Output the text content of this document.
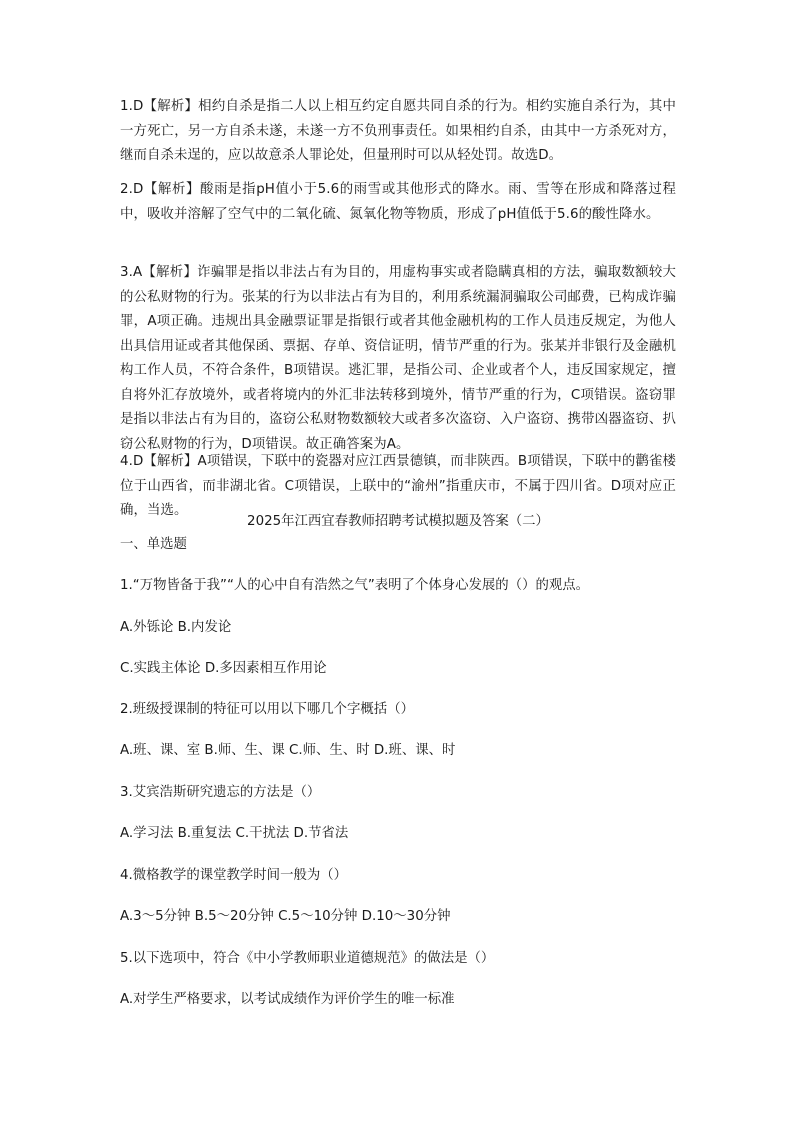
1.D【解析】相约自杀是指二人以上相互约定自愿共同自杀的行为。相约实施自杀行为，其中一方死亡，另一方自杀未遂，未遂一方不负刑事责任。如果相约自杀，由其中一方杀死对方，继而自杀未逞的，应以故意杀人罪论处，但量刑时可以从轻处罚。故选D。

2.D【解析】酸雨是指pH值小于5.6的雨雪或其他形式的降水。雨、雪等在形成和降落过程中，吸收并溶解了空气中的二氧化硫、氮氧化物等物质，形成了pH值低于5.6的酸性降水。

3.A【解析】诈骗罪是指以非法占有为目的，用虚构事实或者隐瞒真相的方法，骗取数额较大的公私财物的行为。张某的行为以非法占有为目的，利用系统漏洞骗取公司邮费，已构成诈骗罪，A项正确。违规出具金融票证罪是指银行或者其他金融机构的工作人员违反规定，为他人出具信用证或者其他保函、票据、存单、资信证明，情节严重的行为。张某并非银行及金融机构工作人员，不符合条件，B项错误。逃汇罪，是指公司、企业或者个人，违反国家规定，擅自将外汇存放境外，或者将境内的外汇非法转移到境外，情节严重的行为，C项错误。盗窃罪是指以非法占有为目的，盗窃公私财物数额较大或者多次盗窃、入户盗窃、携带凶器盗窃、扒窃公私财物的行为，D项错误。故正确答案为A。

4.D【解析】A项错误，下联中的瓷器对应江西景德镇，而非陕西。B项错误，下联中的鹳雀楼位于山西省，而非湖北省。C项错误，上联中的“渝州”指重庆市，不属于四川省。D项对应正确，当选。

2025年江西宜春教师招聘考试模拟题及答案（二）

一、单选题

1.“万物皆备于我”“人的心中自有浩然之气”表明了个体身心发展的（）的观点。

A.外铄论 B.内发论

C.实践主体论 D.多因素相互作用论

2.班级授课制的特征可以用以下哪几个字概括（）

A.班、课、室 B.师、生、课 C.师、生、时 D.班、课、时

3.艾宾浩斯研究遗忘的方法是（）

A.学习法 B.重复法 C.干扰法 D.节省法

4.微格教学的课堂教学时间一般为（）

A.3～5分钟 B.5～20分钟 C.5～10分钟 D.10～30分钟

5.以下选项中，符合《中小学教师职业道德规范》的做法是（）

A.对学生严格要求，以考试成绩作为评价学生的唯一标准
